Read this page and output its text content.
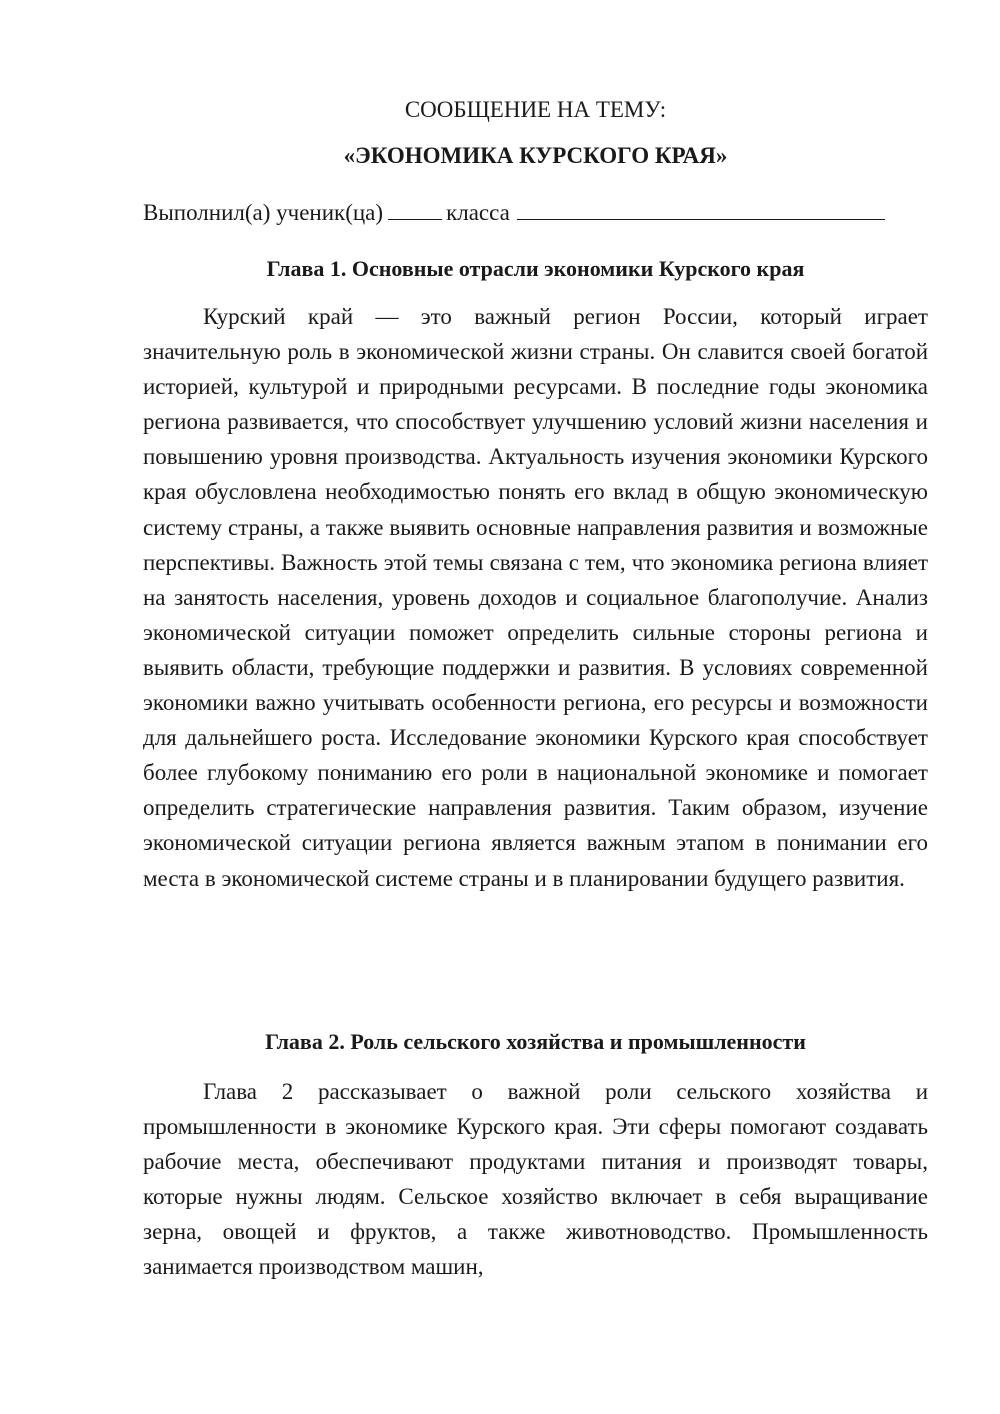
СООБЩЕНИЕ НА ТЕМУ:
«ЭКОНОМИКА КУРСКОГО КРАЯ»
Выполнил(а) ученик(ца)	класса
Глава 1. Основные отрасли экономики Курского края

Курский край — это важный регион России, который играет значительную роль в экономической жизни страны. Он славится своей богатой историей, культурой и природными ресурсами. В последние годы экономика региона развивается, что способствует улучшению условий жизни населения и повышению уровня производства. Актуальность изучения экономики Курского края обусловлена необходимостью понять его вклад в общую экономическую систему страны, а также выявить основные направления развития и возможные перспективы. Важность этой темы связана с тем, что экономика региона влияет на занятость населения, уровень доходов и социальное благополучие. Анализ экономической ситуации поможет определить сильные стороны региона и выявить области, требующие поддержки и развития. В условиях современной экономики важно учитывать особенности региона, его ресурсы и возможности для дальнейшего роста. Исследование экономики Курского края способствует более глубокому пониманию его роли в национальной экономике и помогает определить стратегические направления развития. Таким образом, изучение экономической ситуации региона является важным этапом в понимании его места в экономической системе страны и в планировании будущего развития.

Глава 2. Роль сельского хозяйства и промышленности

Глава 2 рассказывает о важной роли сельского хозяйства и промышленности в экономике Курского края. Эти сферы помогают создавать рабочие места, обеспечивают продуктами питания и производят товары, которые нужны людям. Сельское хозяйство включает в себя выращивание зерна, овощей и фруктов, а также животноводство. Промышленность занимается производством машин,
